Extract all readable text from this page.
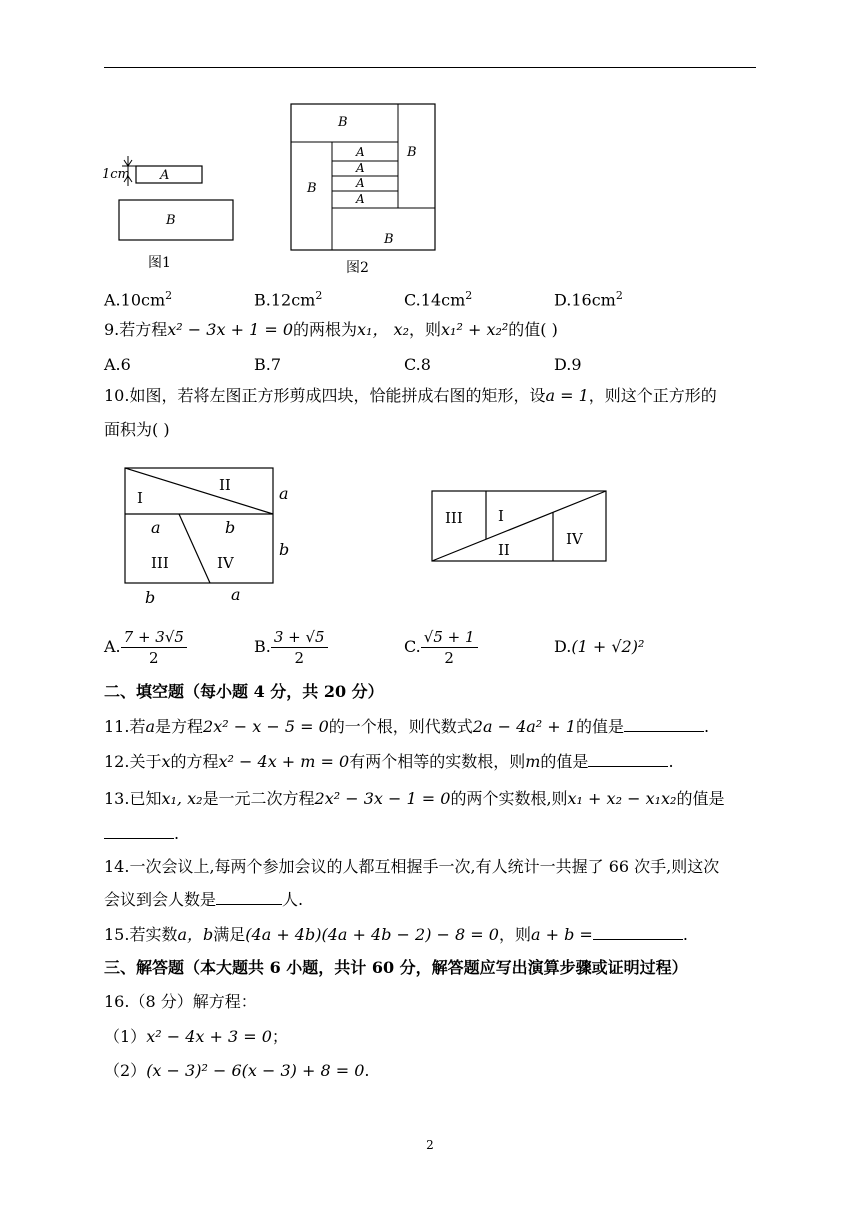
1cm A
B
图1
B
B
B
B
A
A
A
A
图2
$A.10cm^2$	$B.12cm^2$	$C.14cm^2$	$D.16cm^2$
9.若方程x² − 3x + 1 = 0的两根为x₁， x₂，则x₁² + x₂²的值( )
A.6	B.7	C.8	D.9
10.如图，若将左图正方形剪成四块，恰能拼成右图的矩形，设a = 1，则这个正方形的
面积为( )
I
II
a	b
III	IV
a
b
b	a
III I
II
IV
A. $\frac{7 + 3√5}{2}$	B. $\frac{3 + √5}{2}$	C. $\frac{√5 + 1}{2}$	D.(1 + √2)²
二、填空题（每小题 4 分，共 20 分）
11.若a是方程2x² − x − 5 = 0的一个根，则代数式2a − 4a² + 1的值是	.
12.关于x的方程x² − 4x + m = 0有两个相等的实数根，则m的值是	.
13.已知x₁, x₂是一元二次方程2x² − 3x − 1 = 0的两个实数根,则x₁ + x₂ − x₁x₂的值是
.
14.一次会议上,每两个参加会议的人都互相握手一次,有人统计一共握了 66 次手,则这次
会议到会人数是	人.
15.若实数a，b满足(4a + 4b)(4a + 4b − 2) − 8 = 0，则a + b =	.
三、解答题（本大题共 6 小题，共计 60 分，解答题应写出演算步骤或证明过程）
16.（8 分）解方程：
（1）x² − 4x + 3 = 0；
（2）(x − 3)² − 6(x − 3) + 8 = 0.
2
